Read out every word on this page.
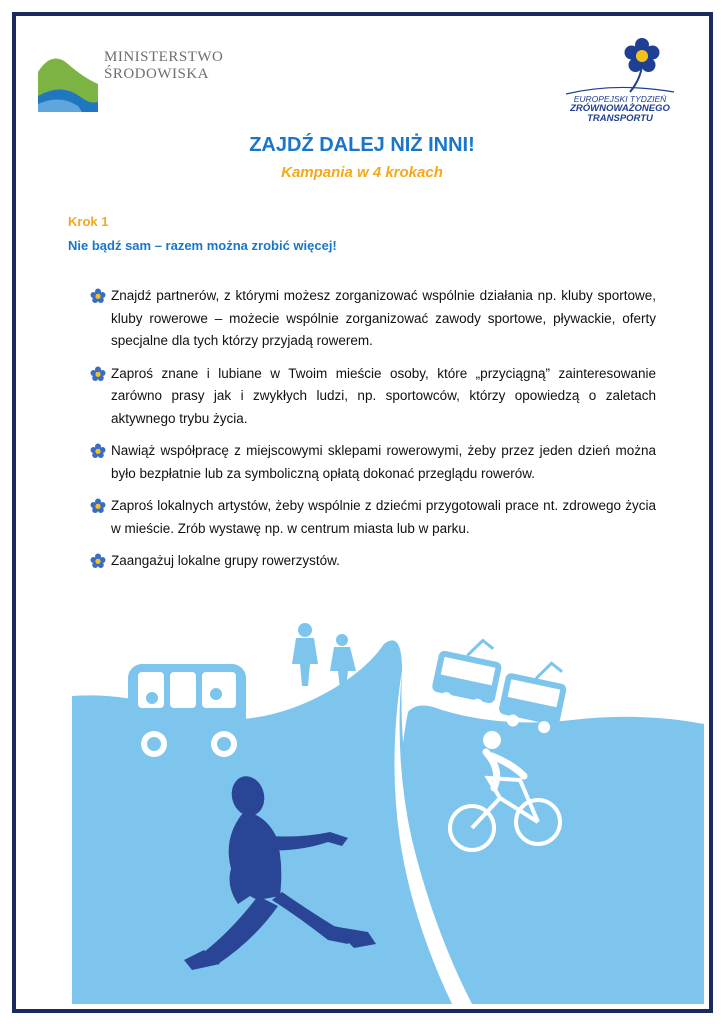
MINISTERSTWO
ŚRODOWISKA
EUROPEJSKI TYDZIEŃ
ZRÓWNOWAŻONEGO
TRANSPORTU
ZAJDŹ DALEJ NIŻ INNI!
Kampania w 4 krokach
Krok 1
Nie bądź sam – razem można zrobić więcej!
Znajdź partnerów, z którymi możesz zorganizować wspólnie działania np. kluby sportowe, kluby rowerowe – możecie wspólnie zorganizować zawody sportowe, pływackie, oferty specjalne dla tych którzy przyjadą rowerem.
Zaproś znane i lubiane w Twoim mieście osoby, które „przyciągną” zainteresowanie zarówno prasy jak i zwykłych ludzi, np. sportowców, którzy opowiedzą o zaletach aktywnego trybu życia.
Nawiąż współpracę z miejscowymi sklepami rowerowymi, żeby przez jeden dzień można było bezpłatnie lub za symboliczną opłatą dokonać przeglądu rowerów.
Zaproś lokalnych artystów, żeby wspólnie z dziećmi przygotowali prace nt. zdrowego życia w mieście. Zrób wystawę np. w centrum miasta lub w parku.
Zaangażuj lokalne grupy rowerzystów.
